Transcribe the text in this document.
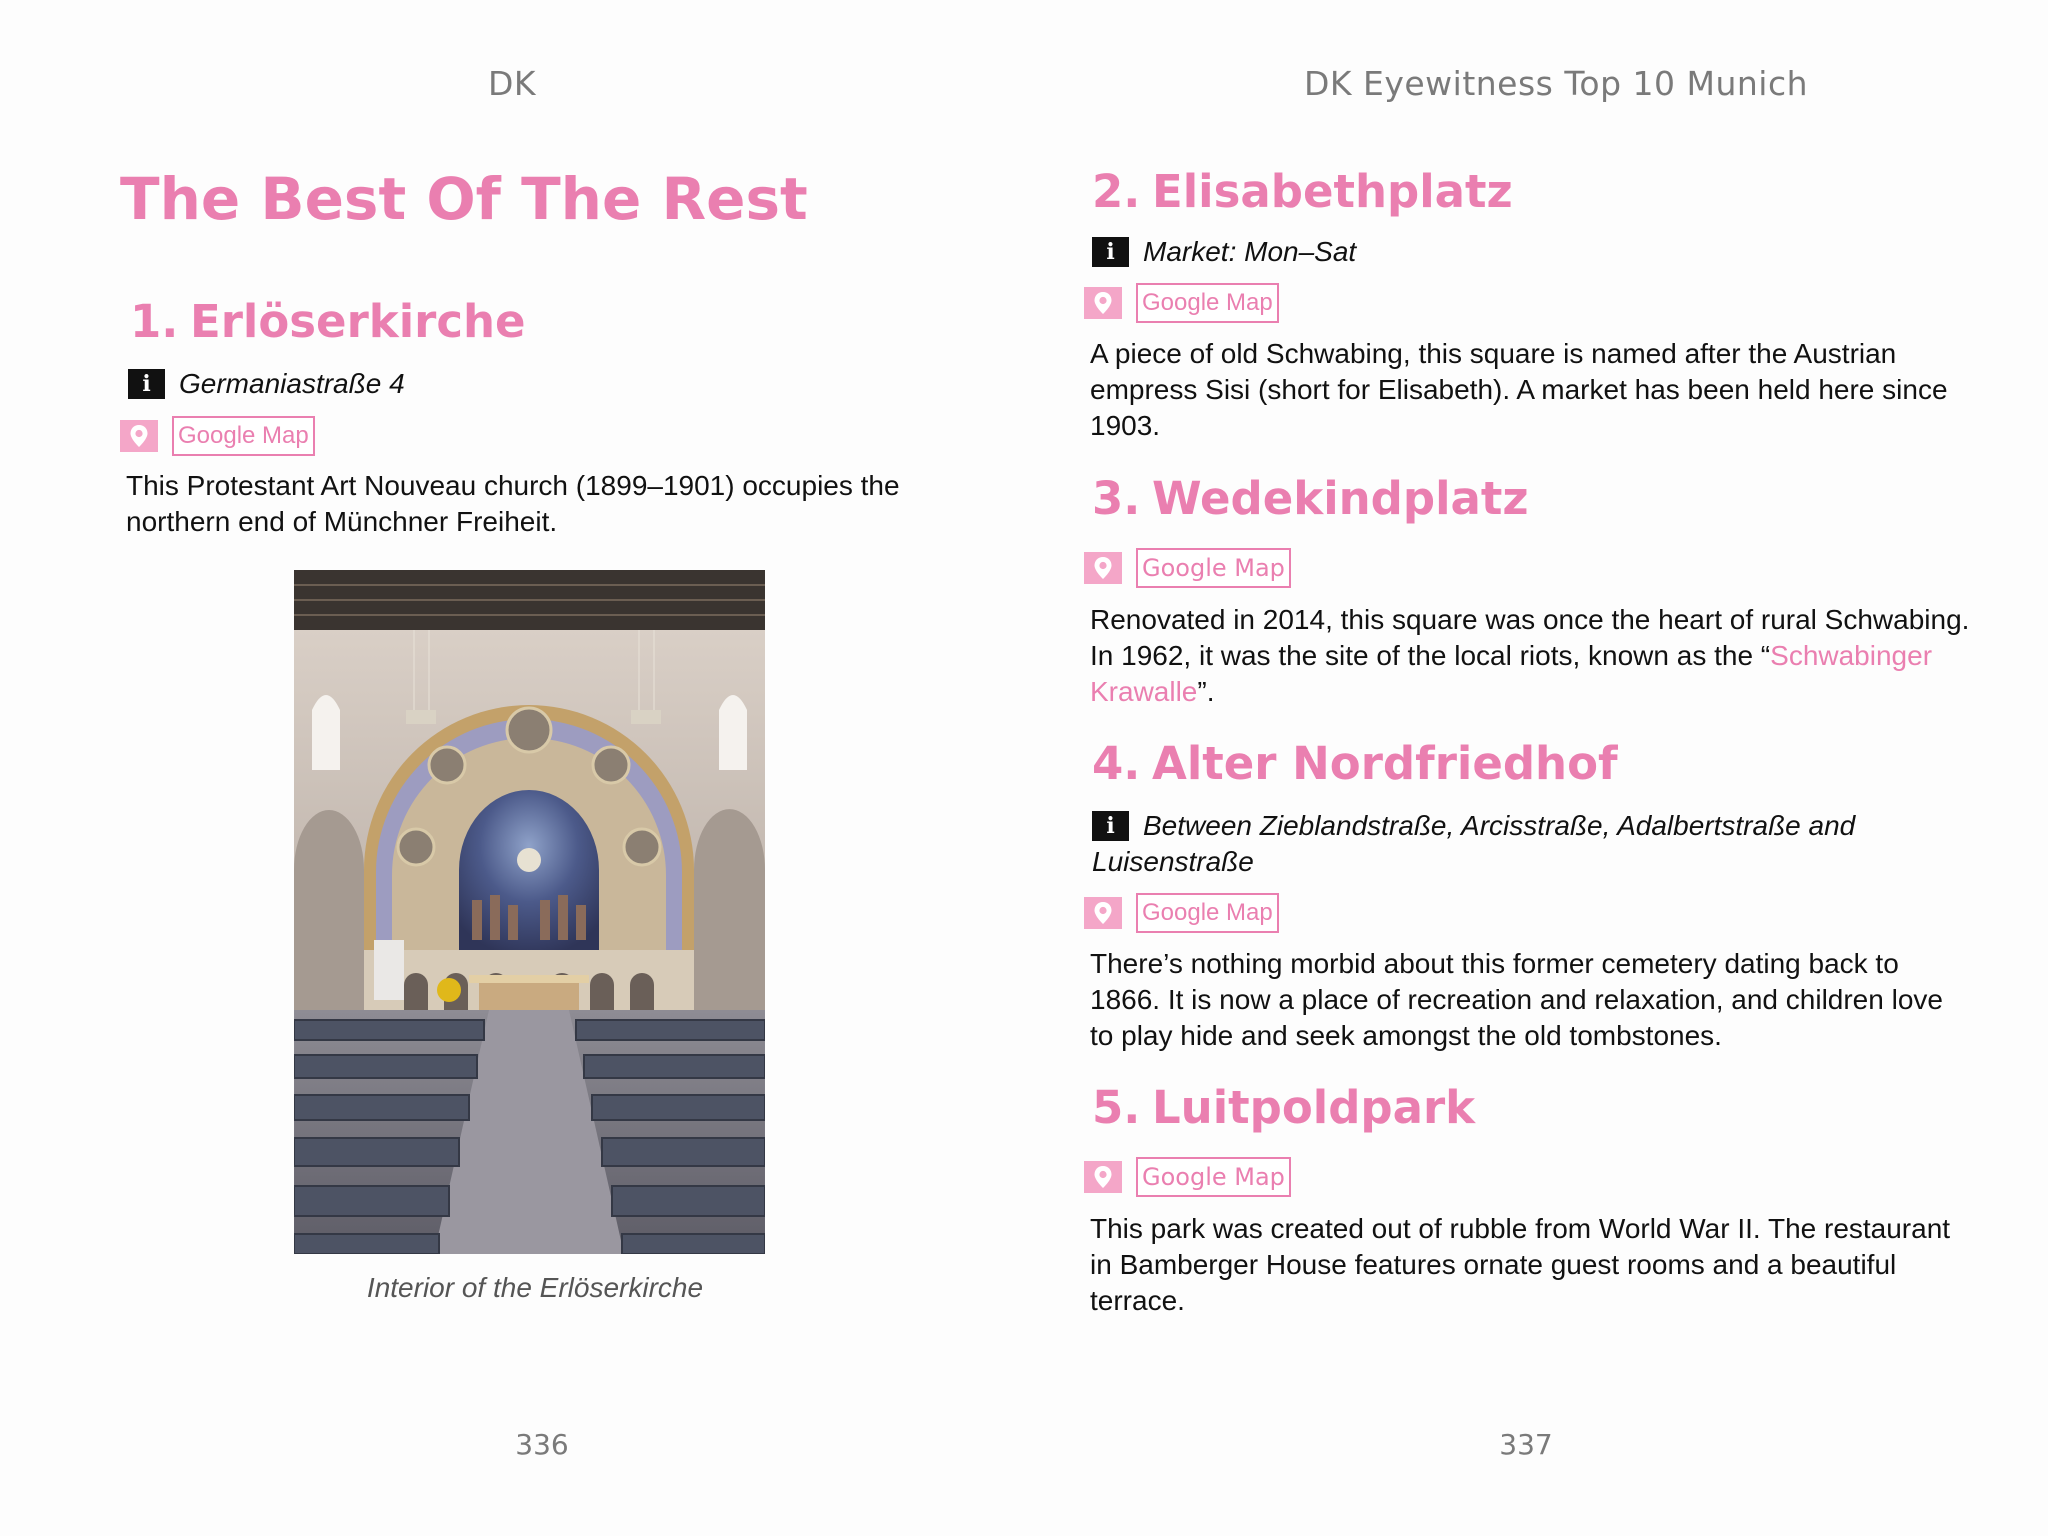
DK
The Best Of The Rest
1. Erlöserkirche
i Germaniastraße 4
Google Map

This Protestant Art Nouveau church (1899–1901) occupies the northern end of Münchner Freiheit.

Interior of the Erlöserkirche
336
DK Eyewitness Top 10 Munich
2. Elisabethplatz
i Market: Mon–Sat
Google Map

A piece of old Schwabing, this square is named after the Austrian empress Sisi (short for Elisabeth). A market has been held here since 1903.

3. Wedekindplatz
Google Map

Renovated in 2014, this square was once the heart of rural Schwabing. In 1962, it was the site of the local riots, known as the “Schwabinger Krawalle”.

4. Alter Nordfriedhof
i Between Zieblandstraße, Arcisstraße, Adalbertstraße and Luisenstraße
Google Map

There’s nothing morbid about this former cemetery dating back to 1866. It is now a place of recreation and relaxation, and children love to play hide and seek amongst the old tombstones.

5. Luitpoldpark
Google Map

This park was created out of rubble from World War II. The restaurant in Bamberger House features ornate guest rooms and a beautiful terrace.

337
